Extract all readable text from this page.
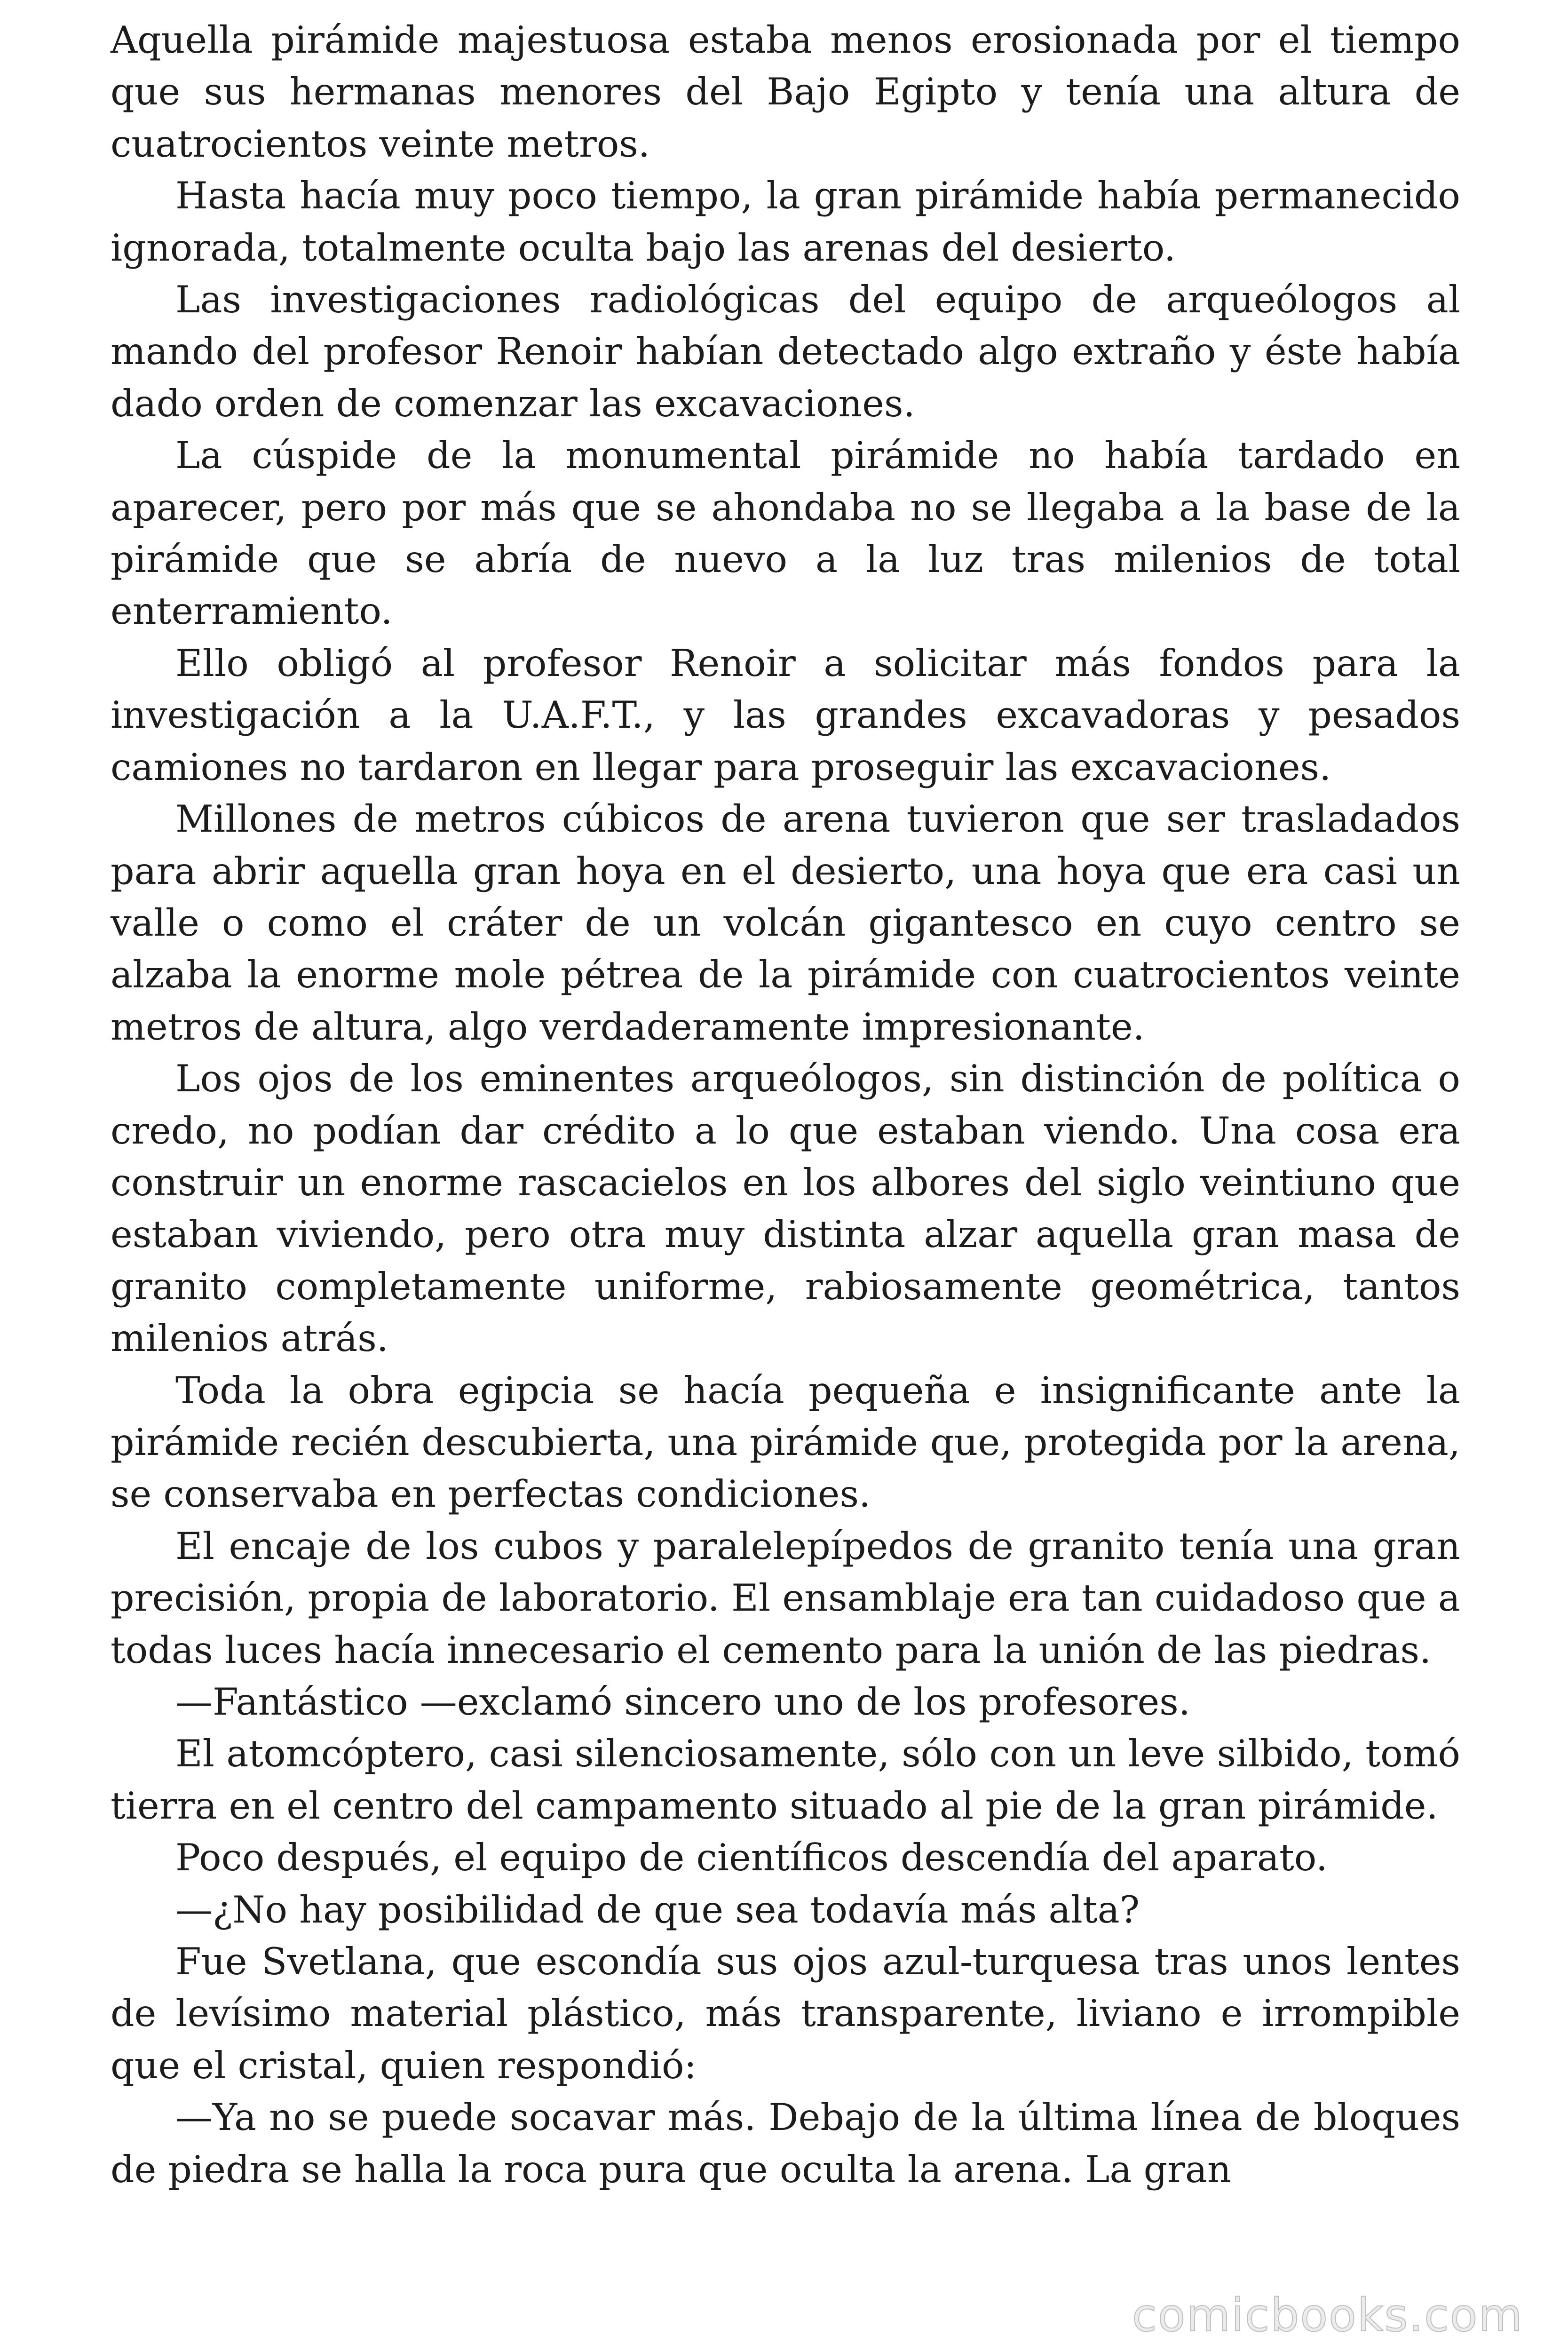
Aquella pirámide majestuosa estaba menos erosionada por el tiempo que sus hermanas menores del Bajo Egipto y tenía una altura de cuatrocientos veinte metros.

Hasta hacía muy poco tiempo, la gran pirámide había permanecido ignorada, totalmente oculta bajo las arenas del desierto.

Las investigaciones radiológicas del equipo de arqueólogos al mando del profesor Renoir habían detectado algo extraño y éste había dado orden de comenzar las excavaciones.

La cúspide de la monumental pirámide no había tardado en aparecer, pero por más que se ahondaba no se llegaba a la base de la pirámide que se abría de nuevo a la luz tras milenios de total enterramiento.

Ello obligó al profesor Renoir a solicitar más fondos para la investigación a la U.A.F.T., y las grandes excavadoras y pesados camiones no tardaron en llegar para proseguir las excavaciones.

Millones de metros cúbicos de arena tuvieron que ser trasladados para abrir aquella gran hoya en el desierto, una hoya que era casi un valle o como el cráter de un volcán gigantesco en cuyo centro se alzaba la enorme mole pétrea de la pirámide con cuatrocientos veinte metros de altura, algo verdaderamente impresionante.

Los ojos de los eminentes arqueólogos, sin distinción de política o credo, no podían dar crédito a lo que estaban viendo. Una cosa era construir un enorme rascacielos en los albores del siglo veintiuno que estaban viviendo, pero otra muy distinta alzar aquella gran masa de granito completamente uniforme, rabiosamente geométrica, tantos milenios atrás.

Toda la obra egipcia se hacía pequeña e insignificante ante la pirámide recién descubierta, una pirámide que, protegida por la arena, se conservaba en perfectas condiciones.

El encaje de los cubos y paralelepípedos de granito tenía una gran precisión, propia de laboratorio. El ensamblaje era tan cuidadoso que a todas luces hacía innecesario el cemento para la unión de las piedras.

—Fantástico —exclamó sincero uno de los profesores.

El atomcóptero, casi silenciosamente, sólo con un leve silbido, tomó tierra en el centro del campamento situado al pie de la gran pirámide.

Poco después, el equipo de científicos descendía del aparato.

—¿No hay posibilidad de que sea todavía más alta?

Fue Svetlana, que escondía sus ojos azul-turquesa tras unos lentes de levísimo material plástico, más transparente, liviano e irrompible que el cristal, quien respondió:

—Ya no se puede socavar más. Debajo de la última línea de bloques de piedra se halla la roca pura que oculta la arena. La gran

comicbooks.com
